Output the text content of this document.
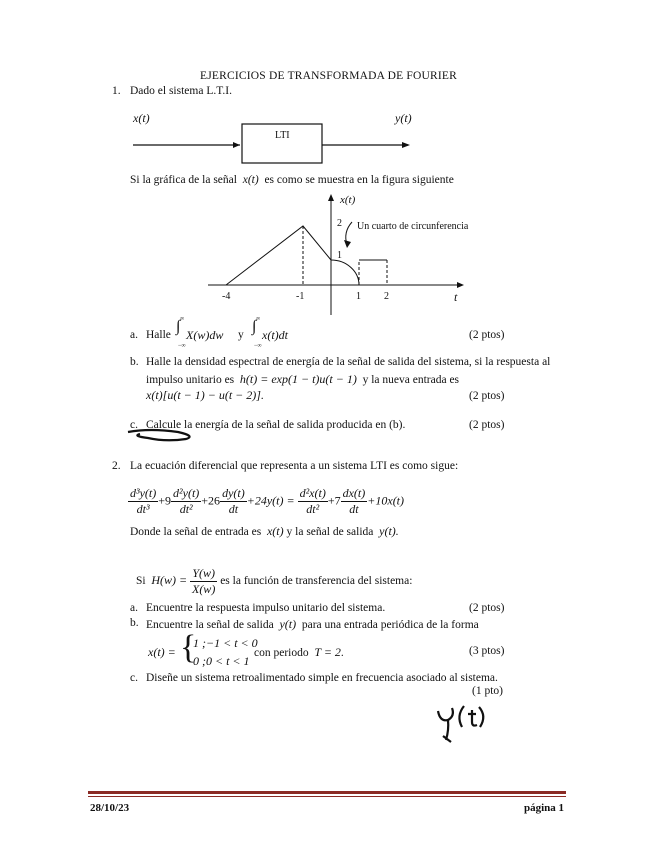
EJERCICIOS DE TRANSFORMADA DE FOURIER
1. Dado el sistema L.T.I.
x(t)
LTI
y(t)
Si la gráfica de la señal x(t) es como se muestra en la figura siguiente
x(t)
2
1
Un cuarto de circunferencia
-4	-1	1 2	t
a. Halle ∫ ∞
−∞
X(w)dw y ∫ ∞
−∞
x(t)dt	(2 ptos)
b. Halle la densidad espectral de energía de la señal de salida del sistema, si la respuesta al
impulso unitario es h(t) = exp(1 − t)u(t − 1) y la nueva entrada es
x(t)[u(t − 1) − u(t − 2)].	(2 ptos)
c. Calcule la energía de la señal de salida producida en (b).	(2 ptos)
2. La ecuación diferencial que representa a un sistema LTI es como sigue:
$\frac{\text{d³y(t)}}{\text{dt³}} +9 \frac{\text{d²y(t)}}{\text{dt²}} +26 \frac{dy(t)}{dt} +24y(t) = \frac{\text{d²x(t)}}{\text{dt²}} +7 \frac{dx(t)}{dt} +10x(t)$
Donde la señal de entrada es x(t) y la señal de salida y(t).
Si $H(w) = \frac{Y(w)}{X(w)}$ es la función de transferencia del sistema:
a. Encuentre la respuesta impulso unitario del sistema.	(2 ptos)
b. Encuentre la señal de salida y(t) para una entrada periódica de la forma
x(t) = {
1 ;−1 < t < 0
0 ;0 < t < 1
con periodo T = 2.	(3 ptos)
c. Diseñe un sistema retroalimentado simple en frecuencia asociado al sistema.
(1 pto)
28/10/23	página 1
